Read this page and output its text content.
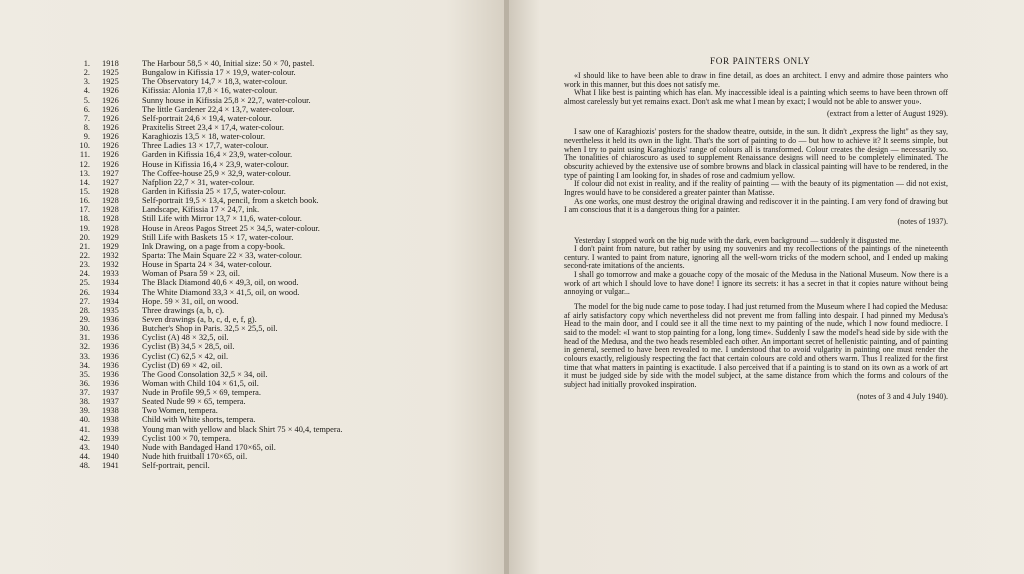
1.	1918	The Harbour 58,5 × 40, Initial size: 50 × 70, pastel.
2.	1925	Bungalow in Kifissia 17 × 19,9, water-colour.
3.	1925	The Observatory 14,7 × 18,3, water-colour.
4.	1926	Kifissia: Alonia 17,8 × 16, water-colour.
5.	1926	Sunny house in Kifissia 25,8 × 22,7, water-colour.
6.	1926	The little Gardener 22,4 × 13,7, water-colour.
7.	1926	Self-portrait 24,6 × 19,4, water-colour.
8.	1926	Praxitelis Street 23,4 × 17,4, water-colour.
9.	1926	Karaghiozis 13,5 × 18, water-colour.
10.	1926	Three Ladies 13 × 17,7, water-colour.
11.	1926	Garden in Kifissia 16,4 × 23,9, water-colour.
12.	1926	House in Kifissia 16,4 × 23,9, water-colour.
13.	1927	The Coffee-house 25,9 × 32,9, water-colour.
14.	1927	Nafplion 22,7 × 31, water-colour.
15.	1928	Garden in Kifissia 25 × 17,5, water-colour.
16.	1928	Self-portrait 19,5 × 13,4, pencil, from a sketch book.
17.	1928	Landscape, Kifissia 17 × 24,7, ink.
18.	1928	Still Life with Mirror 13,7 × 11,6, water-colour.
19.	1928	House in Areos Pagos Street 25 × 34,5, water-colour.
20.	1929	Still Life with Baskets 15 × 17, water-colour.
21.	1929	Ink Drawing, on a page from a copy-book.
22.	1932	Sparta: The Main Square 22 × 33, water-colour.
23.	1932	House in Sparta 24 × 34, water-colour.
24.	1933	Woman of Psara 59 × 23, oil.
25.	1934	The Black Diamond 40,6 × 49,3, oil, on wood.
26.	1934	The White Diamond 33,3 × 41,5, oil, on wood.
27.	1934	Hope. 59 × 31, oil, on wood.
28.	1935	Three drawings (a, b, c).
29.	1936	Seven drawings (a, b, c, d, e, f, g).
30.	1936	Butcher's Shop in Paris. 32,5 × 25,5, oil.
31.	1936	Cyclist (A) 48 × 32,5, oil.
32.	1936	Cyclist (B) 34,5 × 28,5, oil.
33.	1936	Cyclist (C) 62,5 × 42, oil.
34.	1936	Cyclist (D) 69 × 42, oil.
35.	1936	The Good Consolation 32,5 × 34, oil.
36.	1936	Woman with Child 104 × 61,5, oil.
37.	1937	Nude in Profile 99,5 × 69, tempera.
38.	1937	Seated Nude 99 × 65, tempera.
39.	1938	Two Women, tempera.
40.	1938	Child with White shorts, tempera.
41.	1938	Young man with yellow and black Shirt 75 × 40,4, tempera.
42.	1939	Cyclist 100 × 70, tempera.
43.	1940	Nude with Bandaged Hand 170×65, oil.
44.	1940	Nude hith fruitball 170×65, oil.
48.	1941	Self-portrait, pencil.
FOR PAINTERS ONLY

«I should like to have been able to draw in fine detail, as does an architect. I envy and admire those painters who work in this manner, but this does not satisfy me.

What I like best is painting which has elan. My inaccessible ideal is a painting which seems to have been thrown off almost carelessly but yet remains exact. Don't ask me what I mean by exact; I would not be able to answer you».

(extract from a letter of August 1929).

I saw one of Karaghiozis' posters for the shadow theatre, outside, in the sun. It didn't „express the light" as they say, nevertheless it held its own in the light. That's the sort of painting to do — but how to achieve it? It seems simple, but when I try to paint using Karaghiozis' range of colours all is transformed. Colour creates the design — necessarily so. The tonalities of chiaroscuro as used to supplement Renaissance designs will need to be completely eliminated. The obscurity achieved by the extensive use of sombre browns and black in classical painting will have to be rendered, in the type of painting I am looking for, in shades of rose and cadmium yellow.

If colour did not exist in reality, and if the reality of painting — with the beauty of its pigmentation — did not exist, Ingres would have to be considered a greater painter than Matisse.

As one works, one must destroy the original drawing and rediscover it in the painting. I am very fond of drawing but I am conscious that it is a dangerous thing for a painter.

(notes of 1937).

Yesterday I stopped work on the big nude with the dark, even background — suddenly it disgusted me.

I don't paint from nature, but rather by using my souvenirs and my recollections of the paintings of the nineteenth century. I wanted to paint from nature, ignoring all the well-worn tricks of the modern school, and I ended up making second-rate imitations of the ancients.

I shall go tomorrow and make a gouache copy of the mosaic of the Medusa in the National Museum. Now there is a work of art which I should love to have done! I ignore its secrets: it has a secret in that it copies nature without being annoying or vulgar...

The model for the big nude came to pose today. I had just returned from the Museum where I had copied the Medusa: af airly satisfactory copy which nevertheless did not prevent me from falling into despair. I had pinned my Medusa's Head to the main door, and I could see it all the time next to my painting of the nude, which I now found mediocre. I said to the model: «I want to stop painting for a long, long time». Suddenly I saw the model's head side by side with the head of the Medusa, and the two heads resembled each other. An important secret of hellenistic painting, and of painting in general, seemed to have been revealed to me. I understood that to avoid vulgarity in painting one must render the colours exactly, religiously respecting the fact that certain colours are cold and others warm. Thus I realized for the first time that what matters in painting is exactitude. I also perceived that if a painting is to stand on its own as a work of art it must be judged side by side with the model subject, at the same distance from which the forms and colours of the subject had initially provoked inspiration.

(notes of 3 and 4 July 1940).
